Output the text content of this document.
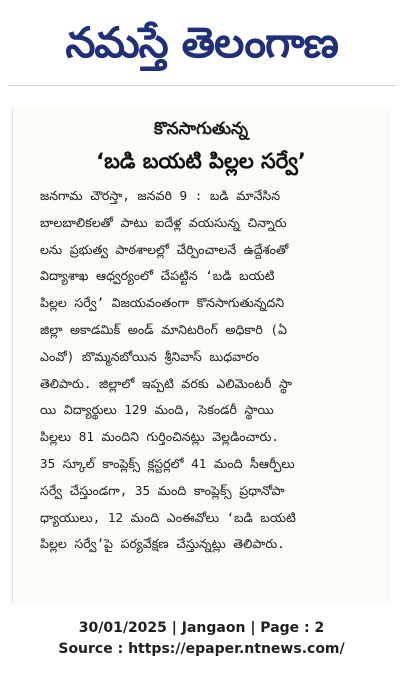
నమస్తే తెలంగాణ
కొనసాగుతున్న
‘బడి బయటి పిల్లల సర్వే’
జనగామ చౌరస్తా, జనవరి 9 : బడి మానేసిన
బాలబాలికలతో పాటు ఐదేళ్ల వయసున్న చిన్నారు
లను ప్రభుత్వ పాఠశాలల్లో చేర్పించాలనే ఉద్దేశంతో
విద్యాశాఖ ఆధ్వర్యంలో చేపట్టిన ‘బడి బయటి
పిల్లల సర్వే’ విజయవంతంగా కొనసాగుతున్నదని
జిల్లా అకాడమిక్ అండ్ మానిటరింగ్ అధికారి (ఏ
ఎంవో) బొమ్మనబోయిన శ్రీనివాస్ బుధవారం
తెలిపారు. జిల్లాలో ఇప్పటి వరకు ఎలిమెంటరీ స్థా
యి విద్యార్థులు 129 మంది, సెకండరీ స్థాయి
పిల్లలు 81 మందిని గుర్తించినట్లు వెల్లడించారు.
35 స్కూల్ కాంప్లెక్స్ క్లస్టర్లలో 41 మంది సీఆర్పీలు
సర్వే చేస్తుండగా, 35 మంది కాంప్లెక్స్ ప్రధానోపా
ధ్యాయులు, 12 మంది ఎంఈవోలు ‘బడి బయటి
పిల్లల సర్వే’పై పర్యవేక్షణ చేస్తున్నట్లు తెలిపారు.
30/01/2025 | Jangaon | Page : 2
Source : https://epaper.ntnews.com/
